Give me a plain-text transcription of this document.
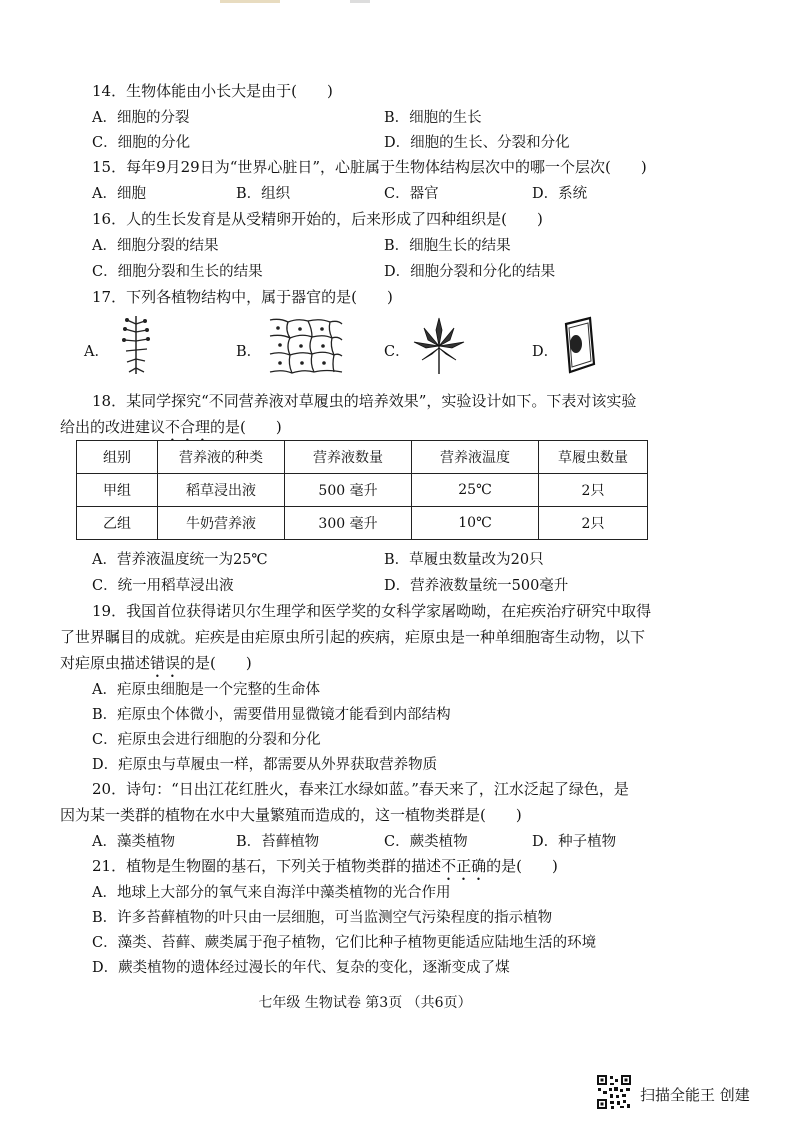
14．生物体能由小长大是由于(　　)
A．细胞的分裂	B．细胞的生长
C．细胞的分化	D．细胞的生长、分裂和分化
15．每年9月29日为“世界心脏日”，心脏属于生物体结构层次中的哪一个层次(　　)
A．细胞	B．组织	C．器官	D．系统
16．人的生长发育是从受精卵开始的，后来形成了四种组织是(　　)
A．细胞分裂的结果	B．细胞生长的结果
C．细胞分裂和生长的结果	D．细胞分裂和分化的结果
17．下列各植物结构中，属于器官的是(　　)
A．	B．	C．	D．
18．某同学探究“不同营养液对草履虫的培养效果”，实验设计如下。下表对该实验
给出的改进建议不合理的是(　　)
组别	营养液的种类	营养液数量	营养液温度	草履虫数量
甲组	稻草浸出液	500 毫升	25℃	2只
乙组	牛奶营养液	300 毫升	10℃	2只
A．营养液温度统一为25℃	B．草履虫数量改为20只
C．统一用稻草浸出液	D．营养液数量统一500毫升
19．我国首位获得诺贝尔生理学和医学奖的女科学家屠呦呦，在疟疾治疗研究中取得
了世界瞩目的成就。疟疾是由疟原虫所引起的疾病，疟原虫是一种单细胞寄生动物，以下
对疟原虫描述错误的是(　　)
A．疟原虫细胞是一个完整的生命体
B．疟原虫个体微小，需要借用显微镜才能看到内部结构
C．疟原虫会进行细胞的分裂和分化
D．疟原虫与草履虫一样，都需要从外界获取营养物质
20．诗句：“日出江花红胜火，春来江水绿如蓝。”春天来了，江水泛起了绿色，是
因为某一类群的植物在水中大量繁殖而造成的，这一植物类群是(　　)
A．藻类植物	B．苔藓植物	C．蕨类植物	D．种子植物
21．植物是生物圈的基石，下列关于植物类群的描述不正确的是(　　)
A．地球上大部分的氧气来自海洋中藻类植物的光合作用
B．许多苔藓植物的叶只由一层细胞，可当监测空气污染程度的指示植物
C．藻类、苔藓、蕨类属于孢子植物，它们比种子植物更能适应陆地生活的环境
D．蕨类植物的遗体经过漫长的年代、复杂的变化，逐渐变成了煤
七年级 生物试卷 第3页 （共6页）
扫描全能王 创建
